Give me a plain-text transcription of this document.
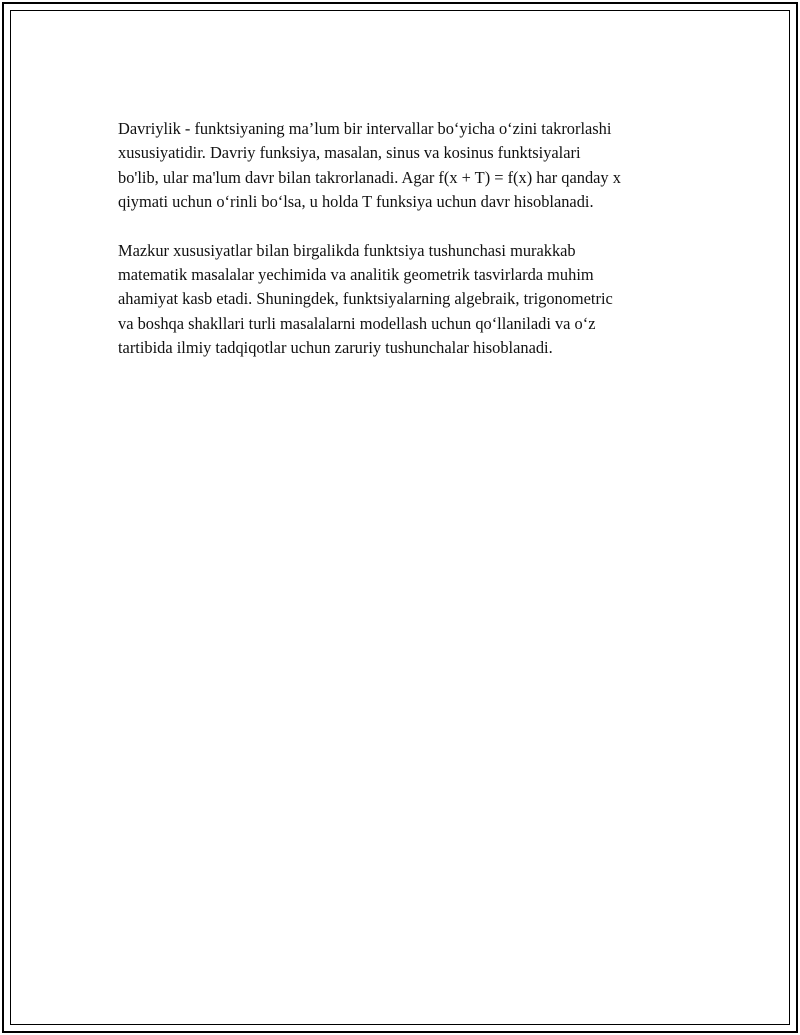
Davriylik - funktsiyaning ma’lum bir intervallar bo‘yicha o‘zini takrorlashi
xususiyatidir. Davriy funksiya, masalan, sinus va kosinus funktsiyalari
bo'lib, ular ma'lum davr bilan takrorlanadi. Agar f(x + T) = f(x) har qanday x
qiymati uchun o‘rinli bo‘lsa, u holda T funksiya uchun davr hisoblanadi.

Mazkur xususiyatlar bilan birgalikda funktsiya tushunchasi murakkab
matematik masalalar yechimida va analitik geometrik tasvirlarda muhim
ahamiyat kasb etadi. Shuningdek, funktsiyalarning algebraik, trigonometric
va boshqa shakllari turli masalalarni modellash uchun qo‘llaniladi va o‘z
tartibida ilmiy tadqiqotlar uchun zaruriy tushunchalar hisoblanadi.
